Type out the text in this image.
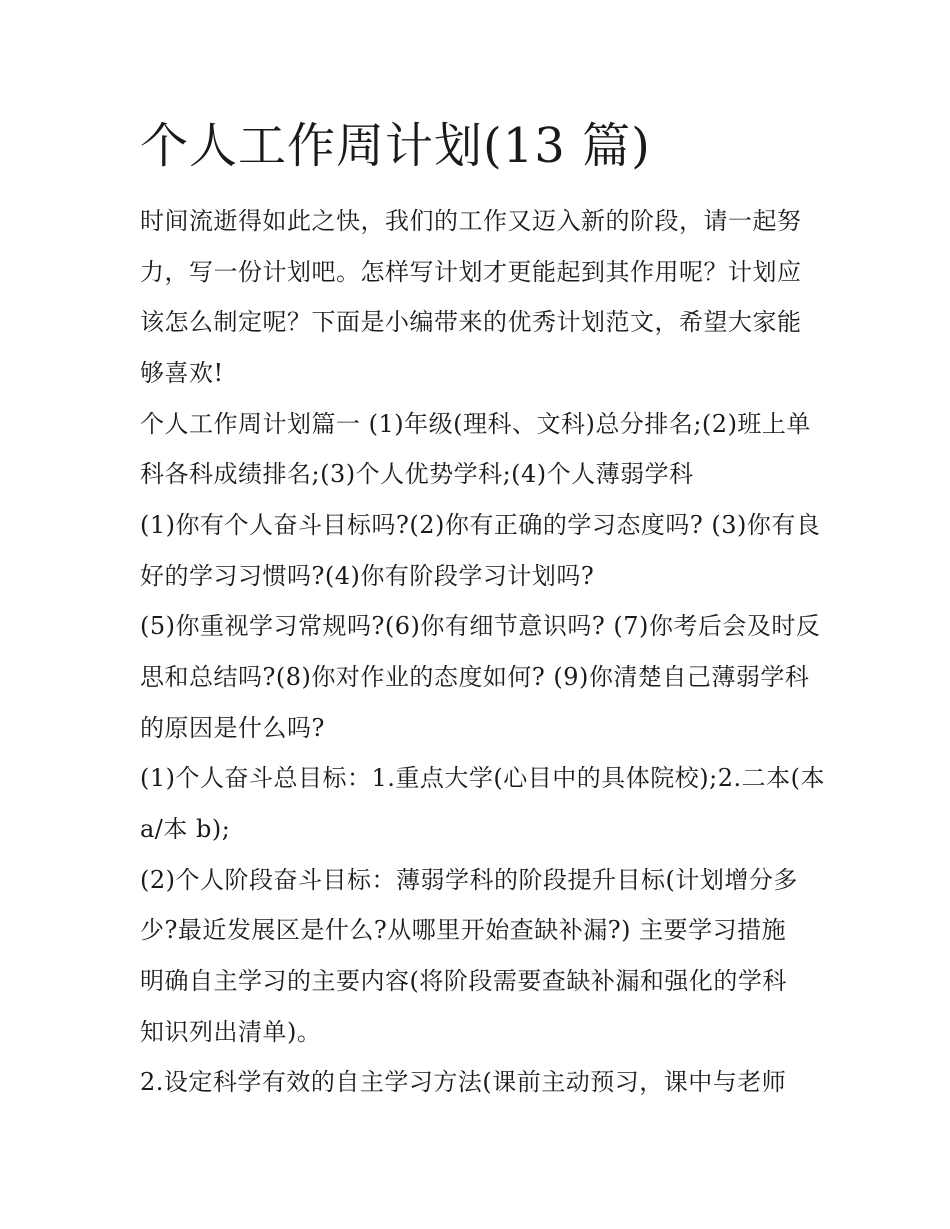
个人工作周计划(13 篇)

时间流逝得如此之快，我们的工作又迈入新的阶段，请一起努

力，写一份计划吧。怎样写计划才更能起到其作用呢？计划应

该怎么制定呢？下面是小编带来的优秀计划范文，希望大家能

够喜欢!

个人工作周计划篇一 (1)年级(理科、文科)总分排名;(2)班上单

科各科成绩排名;(3)个人优势学科;(4)个人薄弱学科

(1)你有个人奋斗目标吗?(2)你有正确的学习态度吗? (3)你有良

好的学习习惯吗?(4)你有阶段学习计划吗?

(5)你重视学习常规吗?(6)你有细节意识吗? (7)你考后会及时反

思和总结吗?(8)你对作业的态度如何? (9)你清楚自己薄弱学科

的原因是什么吗?

(1)个人奋斗总目标：1.重点大学(心目中的具体院校);2.二本(本

a/本 b);

(2)个人阶段奋斗目标：薄弱学科的阶段提升目标(计划增分多

少?最近发展区是什么?从哪里开始查缺补漏?) 主要学习措施

明确自主学习的主要内容(将阶段需要查缺补漏和强化的学科

知识列出清单)。

2.设定科学有效的自主学习方法(课前主动预习，课中与老师
